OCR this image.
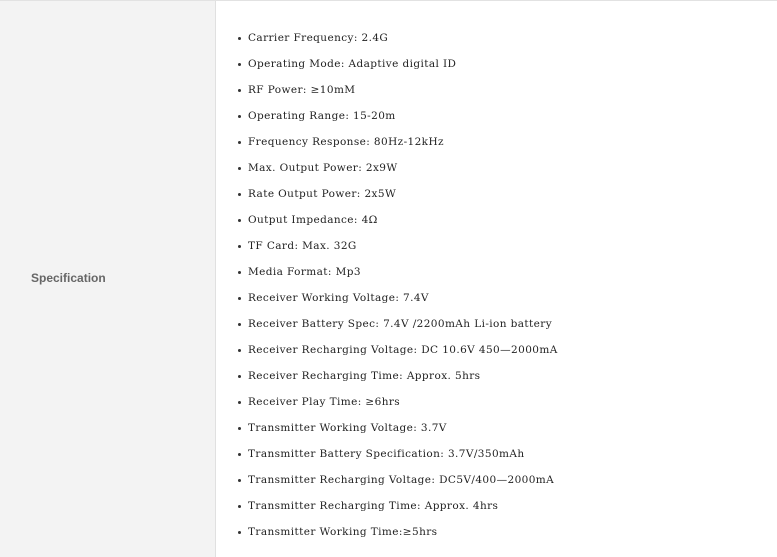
Specification
Carrier Frequency: 2.4G
Operating Mode: Adaptive digital ID
RF Power: ≥10mM
Operating Range: 15-20m
Frequency Response: 80Hz-12kHz
Max. Output Power: 2x9W
Rate Output Power: 2x5W
Output Impedance: 4Ω
TF Card: Max. 32G
Media Format: Mp3
Receiver Working Voltage: 7.4V
Receiver Battery Spec: 7.4V /2200mAh Li-ion battery
Receiver Recharging Voltage: DC 10.6V 450—2000mA
Receiver Recharging Time: Approx. 5hrs
Receiver Play Time: ≥6hrs
Transmitter Working Voltage: 3.7V
Transmitter Battery Specification: 3.7V/350mAh
Transmitter Recharging Voltage: DC5V/400—2000mA
Transmitter Recharging Time: Approx. 4hrs
Transmitter Working Time:≥5hrs
